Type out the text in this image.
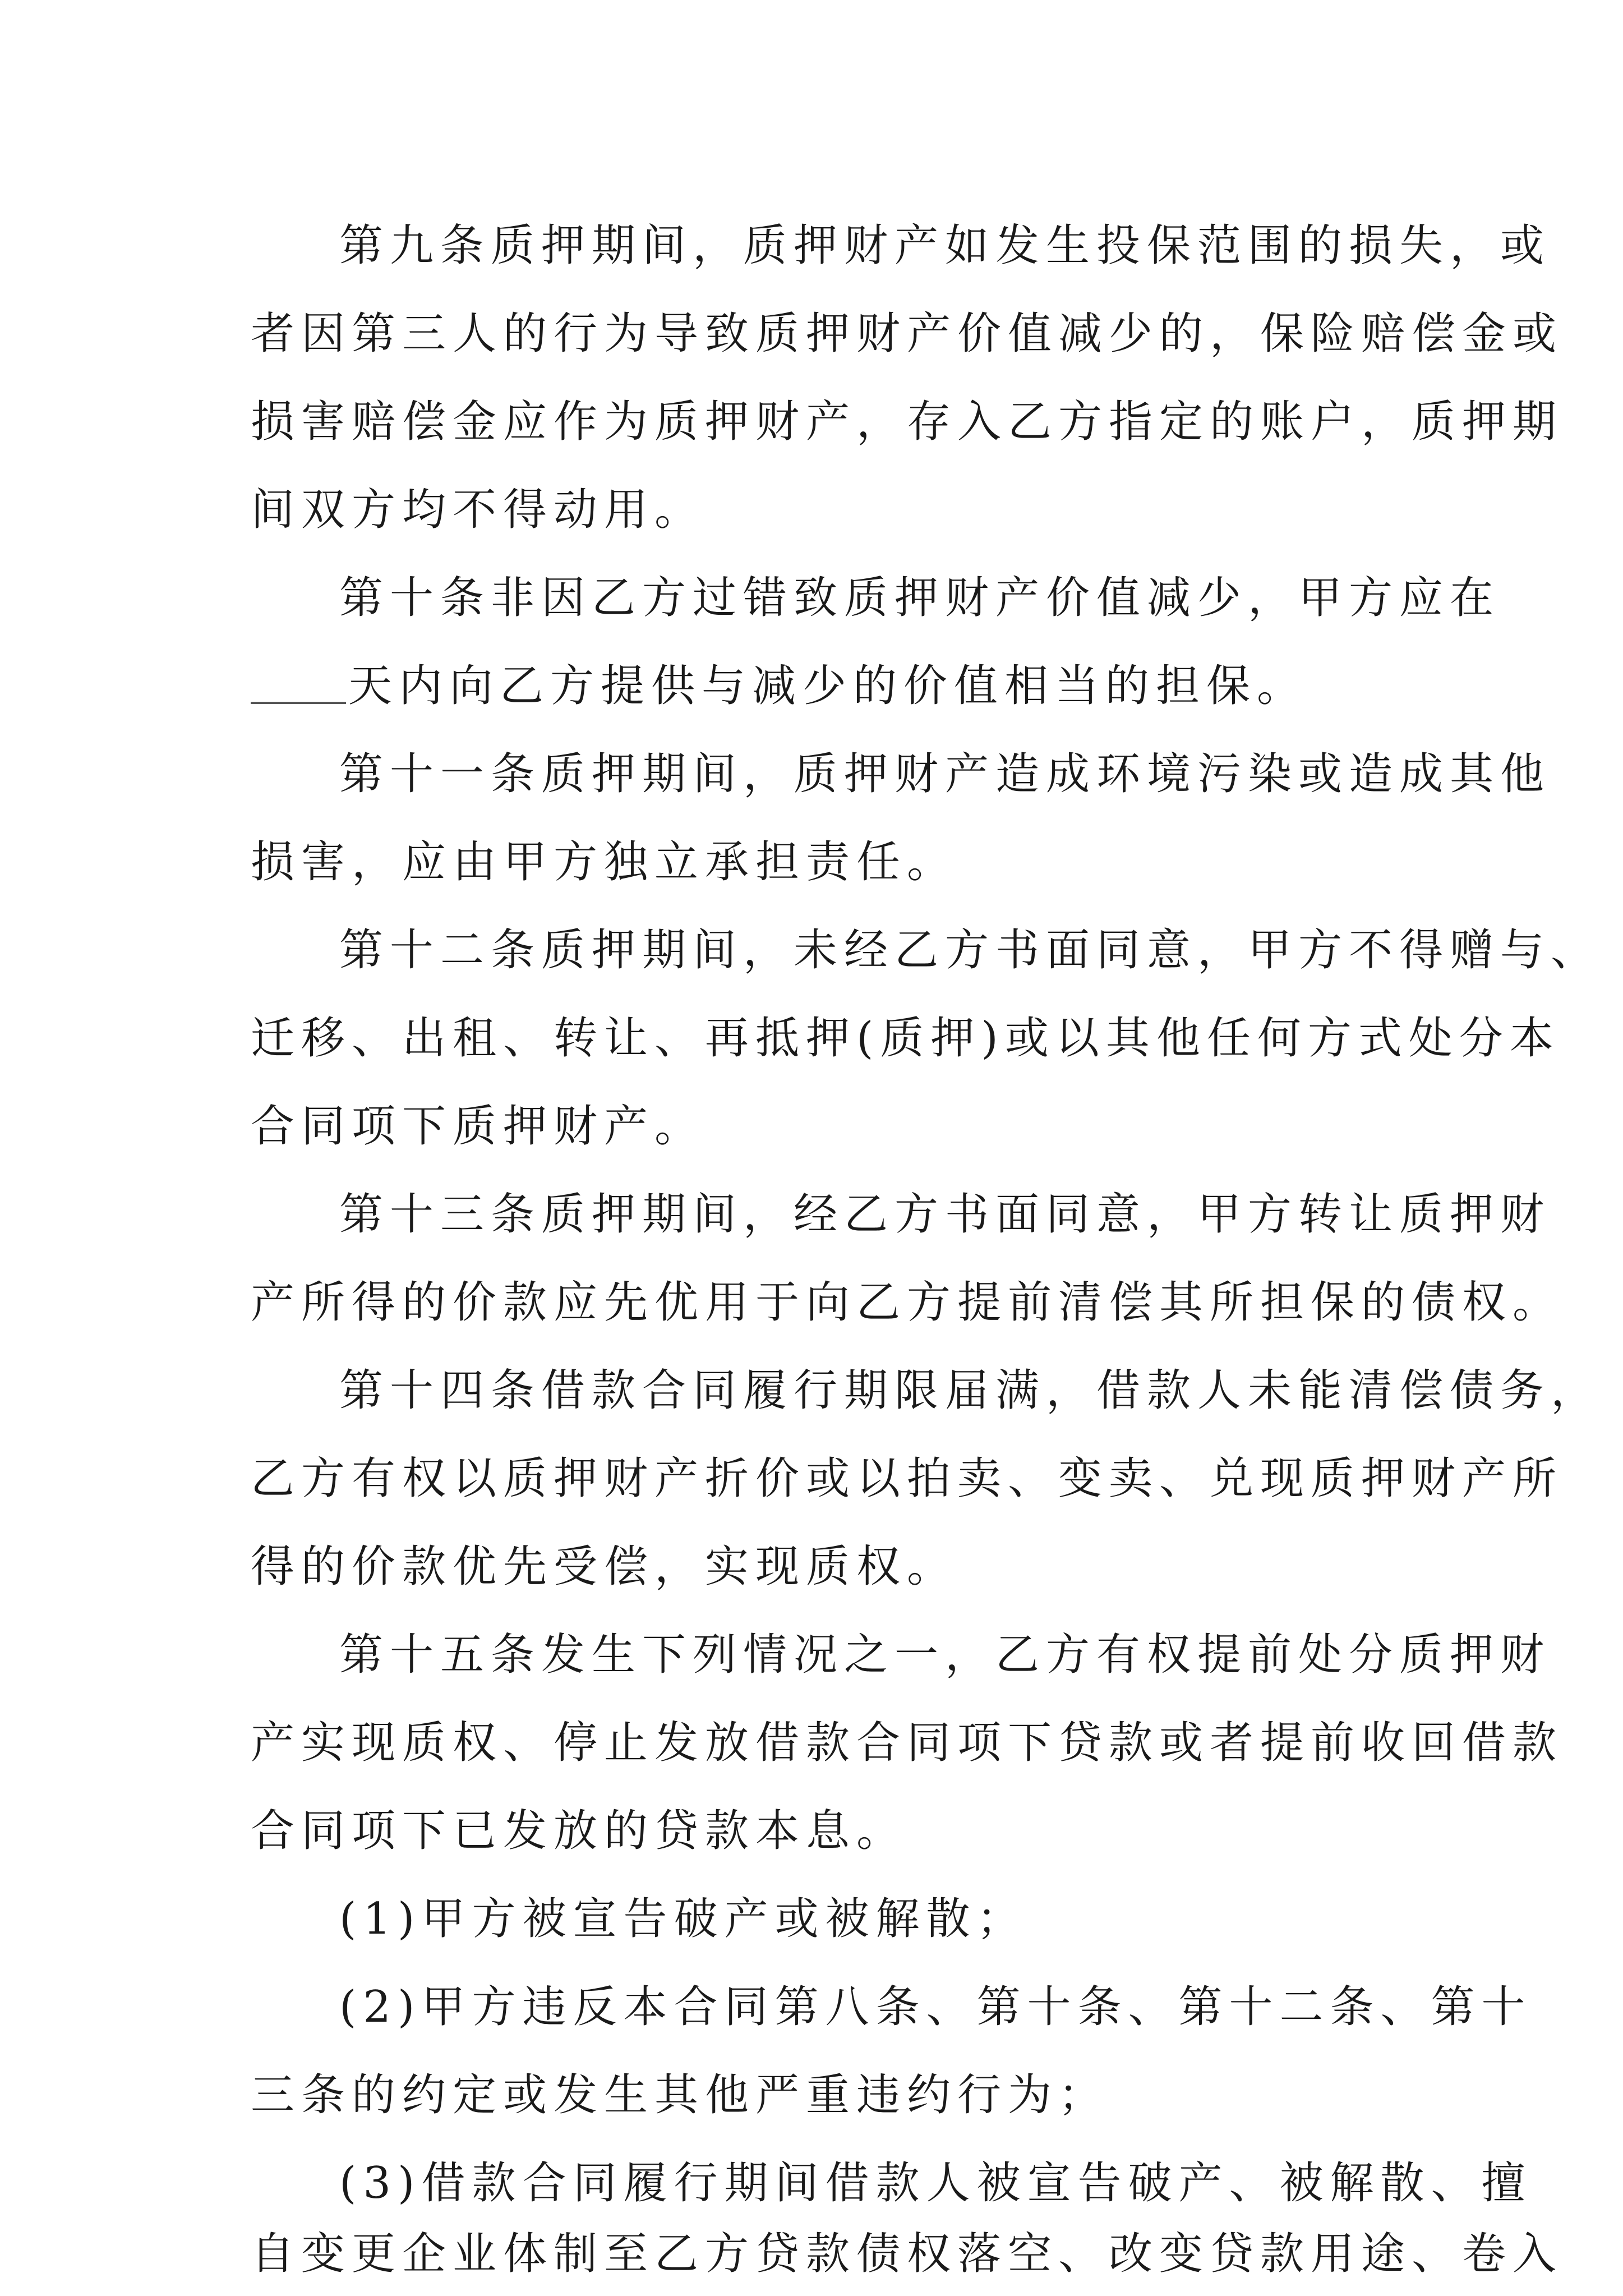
第九条质押期间，质押财产如发生投保范围的损失，或
者因第三人的行为导致质押财产价值减少的，保险赔偿金或
损害赔偿金应作为质押财产，存入乙方指定的账户，质押期
间双方均不得动用。
第十条非因乙方过错致质押财产价值减少，甲方应在
天内向乙方提供与减少的价值相当的担保。
第十一条质押期间，质押财产造成环境污染或造成其他
损害，应由甲方独立承担责任。
第十二条质押期间，未经乙方书面同意，甲方不得赠与、
迁移、出租、转让、再抵押(质押)或以其他任何方式处分本
合同项下质押财产。
第十三条质押期间，经乙方书面同意，甲方转让质押财
产所得的价款应先优用于向乙方提前清偿其所担保的债权。
第十四条借款合同履行期限届满，借款人未能清偿债务，
乙方有权以质押财产折价或以拍卖、变卖、兑现质押财产所
得的价款优先受偿，实现质权。
第十五条发生下列情况之一，乙方有权提前处分质押财
产实现质权、停止发放借款合同项下贷款或者提前收回借款
合同项下已发放的贷款本息。
(1)甲方被宣告破产或被解散；
(2)甲方违反本合同第八条、第十条、第十二条、第十
三条的约定或发生其他严重违约行为；
(3)借款合同履行期间借款人被宣告破产、被解散、擅
自变更企业体制至乙方贷款债权落空、改变贷款用途、卷入
